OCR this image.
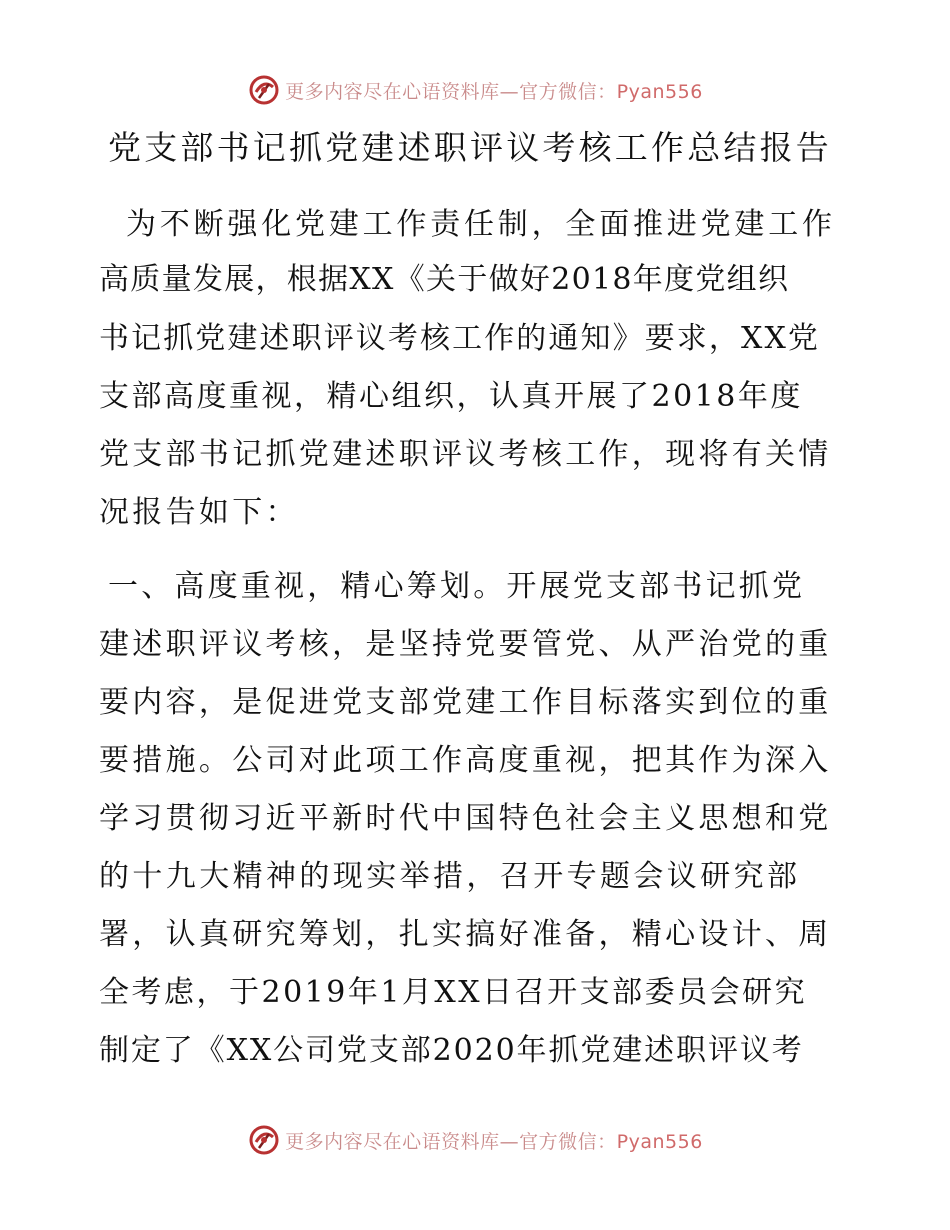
更多内容尽在心语资料库—官方微信：Pyan556
党支部书记抓党建述职评议考核工作总结报告

为不断强化党建工作责任制，全面推进党建工作

高质量发展，根据XX《关于做好2018年度党组织

书记抓党建述职评议考核工作的通知》要求，XX党

支部高度重视，精心组织，认真开展了2018年度

党支部书记抓党建述职评议考核工作，现将有关情

况报告如下：

一、高度重视，精心筹划。开展党支部书记抓党

建述职评议考核，是坚持党要管党、从严治党的重

要内容，是促进党支部党建工作目标落实到位的重

要措施。公司对此项工作高度重视，把其作为深入

学习贯彻习近平新时代中国特色社会主义思想和党

的十九大精神的现实举措，召开专题会议研究部

署，认真研究筹划，扎实搞好准备，精心设计、周

全考虑，于2019年1月XX日召开支部委员会研究

制定了《XX公司党支部2020年抓党建述职评议考

更多内容尽在心语资料库—官方微信：Pyan556
